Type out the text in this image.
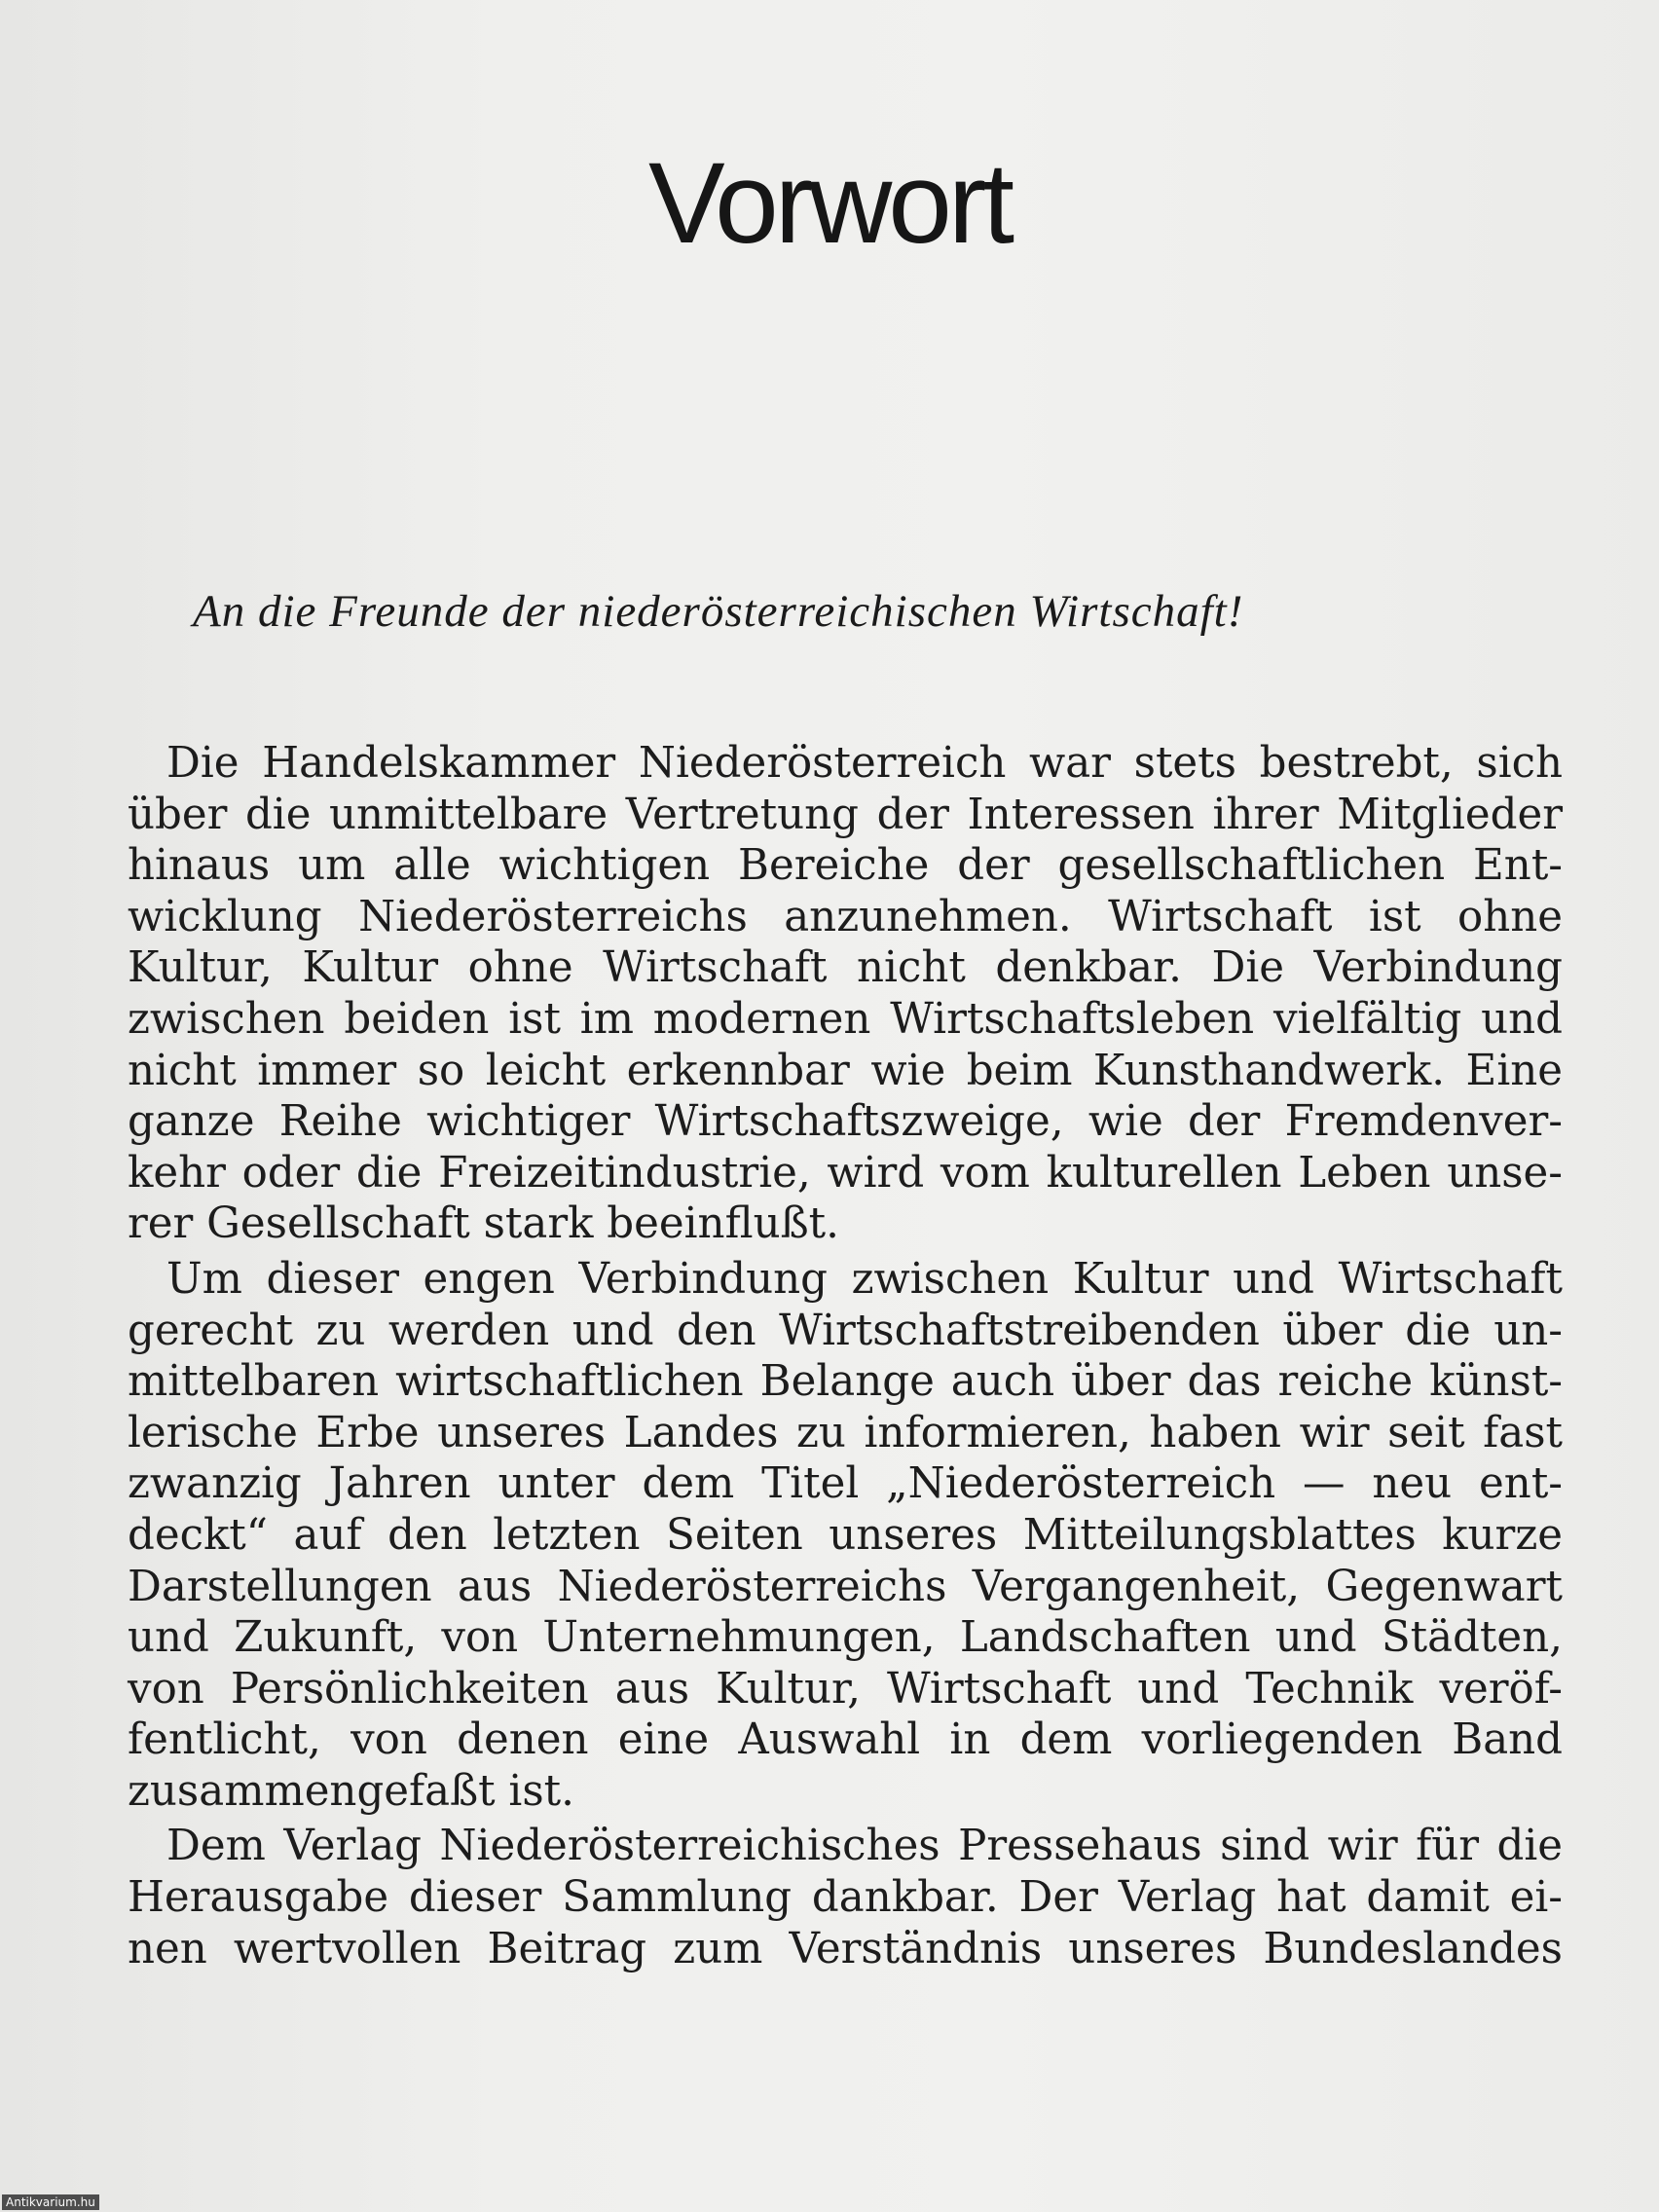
Vorwort
An die Freunde der niederösterreichischen Wirtschaft!
Die Handelskammer Niederösterreich war stets bestrebt, sich
über die unmittelbare Vertretung der Interessen ihrer Mitglieder
hinaus um alle wichtigen Bereiche der gesellschaftlichen Ent-
wicklung Niederösterreichs anzunehmen. Wirtschaft ist ohne
Kultur, Kultur ohne Wirtschaft nicht denkbar. Die Verbindung
zwischen beiden ist im modernen Wirtschaftsleben vielfältig und
nicht immer so leicht erkennbar wie beim Kunsthandwerk. Eine
ganze Reihe wichtiger Wirtschaftszweige, wie der Fremdenver-
kehr oder die Freizeitindustrie, wird vom kulturellen Leben unse-
rer Gesellschaft stark beeinflußt.
Um dieser engen Verbindung zwischen Kultur und Wirtschaft
gerecht zu werden und den Wirtschaftstreibenden über die un-
mittelbaren wirtschaftlichen Belange auch über das reiche künst-
lerische Erbe unseres Landes zu informieren, haben wir seit fast
zwanzig Jahren unter dem Titel „Niederösterreich — neu ent-
deckt“ auf den letzten Seiten unseres Mitteilungsblattes kurze
Darstellungen aus Niederösterreichs Vergangenheit, Gegenwart
und Zukunft, von Unternehmungen, Landschaften und Städten,
von Persönlichkeiten aus Kultur, Wirtschaft und Technik veröf-
fentlicht, von denen eine Auswahl in dem vorliegenden Band
zusammengefaßt ist.
Dem Verlag Niederösterreichisches Pressehaus sind wir für die
Herausgabe dieser Sammlung dankbar. Der Verlag hat damit ei-
nen wertvollen Beitrag zum Verständnis unseres Bundeslandes
Antikvarium.hu
